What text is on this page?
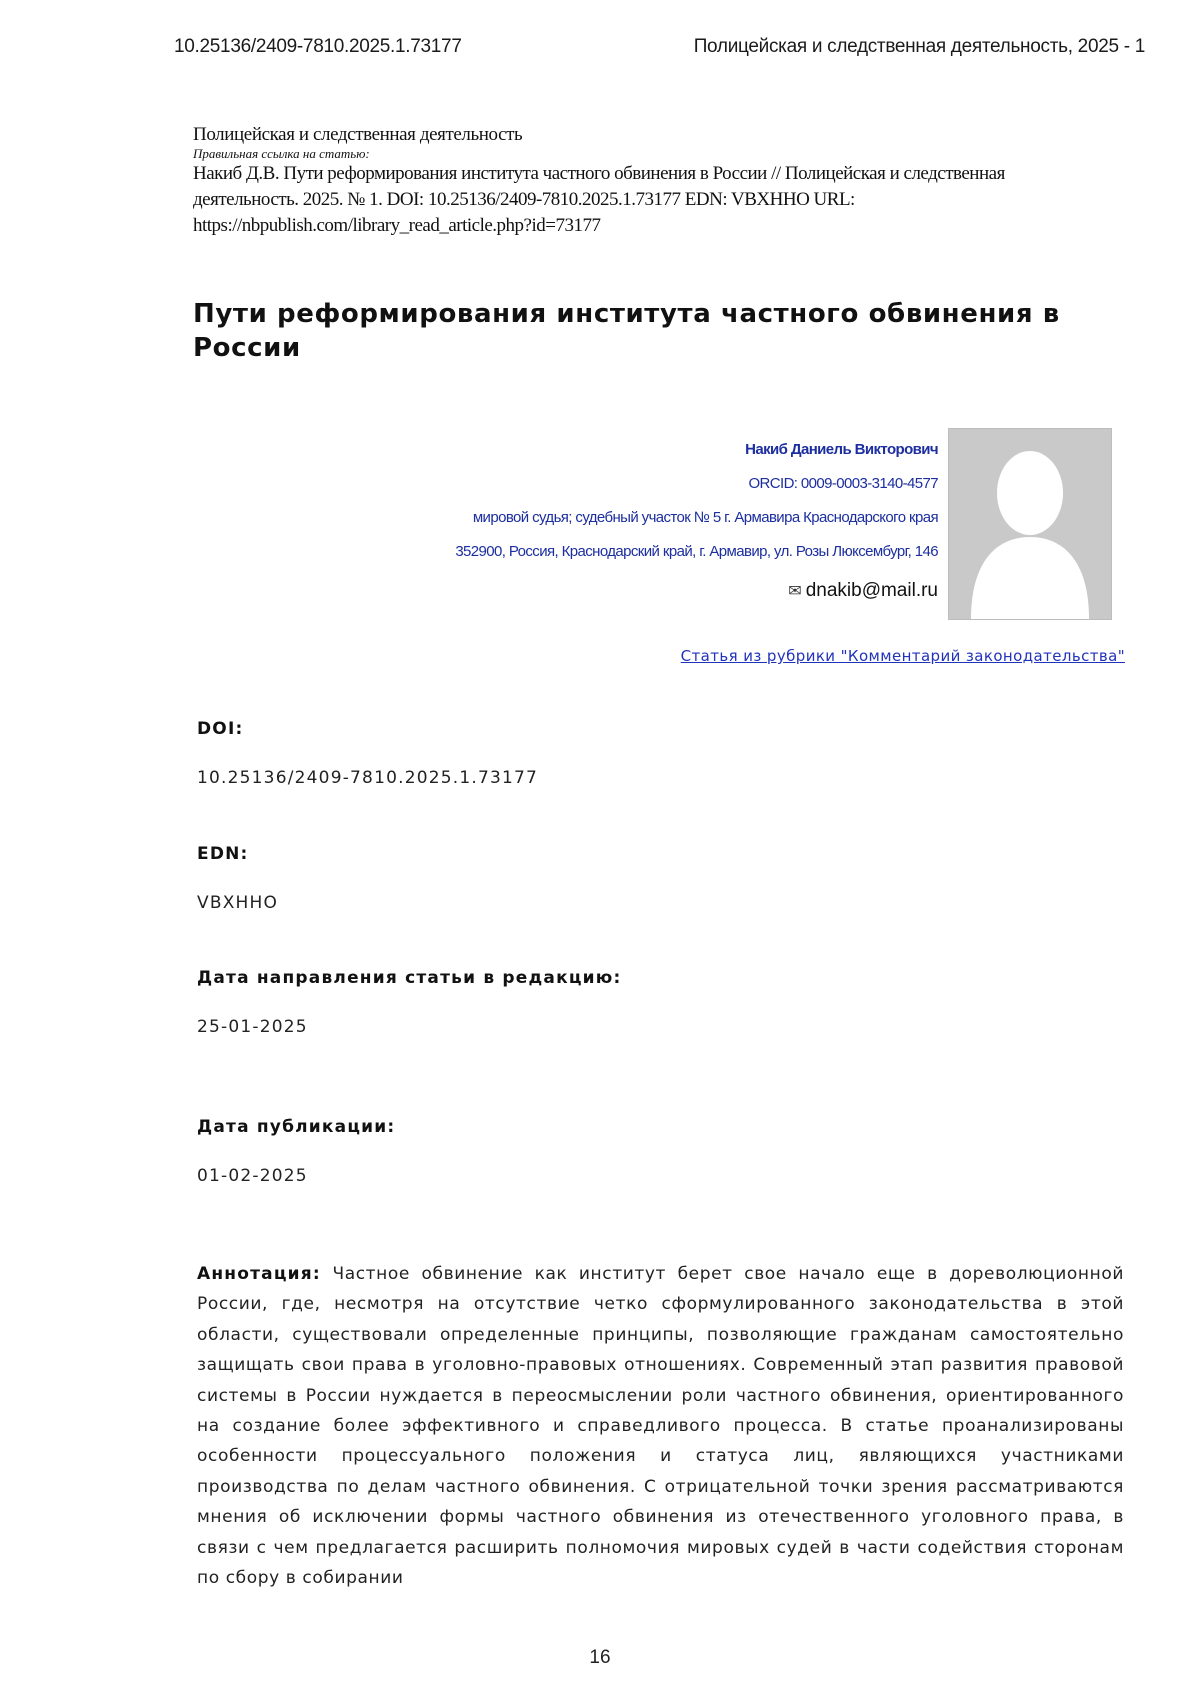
10.25136/2409-7810.2025.1.73177	Полицейская и следственная деятельность, 2025 - 1
Полицейская и следственная деятельность
Правильная ссылка на статью:
Накиб Д.В. Пути реформирования института частного обвинения в России // Полицейская и следственная
деятельность. 2025. № 1. DOI: 10.25136/2409-7810.2025.1.73177 EDN: VBXHHO URL:
https://nbpublish.com/library_read_article.php?id=73177
Пути реформирования института частного обвинения в России
Накиб Даниель Викторович
ORCID: 0009-0003-3140-4577
мировой судья; судебный участок № 5 г. Армавира Краснодарского края
352900, Россия, Краснодарский край, г. Армавир, ул. Розы Люксембург, 146
✉ dnakib@mail.ru
Статья из рубрики "Комментарий законодательства"
DOI:
10.25136/2409-7810.2025.1.73177
EDN:
VBXHHO
Дата направления статьи в редакцию:
25-01-2025
Дата публикации:
01-02-2025

Аннотация: Частное обвинение как институт берет свое начало еще в дореволюционной России, где, несмотря на отсутствие четко сформулированного законодательства в этой области, существовали определенные принципы, позволяющие гражданам самостоятельно защищать свои права в уголовно-правовых отношениях. Современный этап развития правовой системы в России нуждается в переосмыслении роли частного обвинения, ориентированного на создание более эффективного и справедливого процесса. В статье проанализированы особенности процессуального положения и статуса лиц, являющихся участниками производства по делам частного обвинения. С отрицательной точки зрения рассматриваются мнения об исключении формы частного обвинения из отечественного уголовного права, в связи с чем предлагается расширить полномочия мировых судей в части содействия сторонам по сбору в собирании

16
